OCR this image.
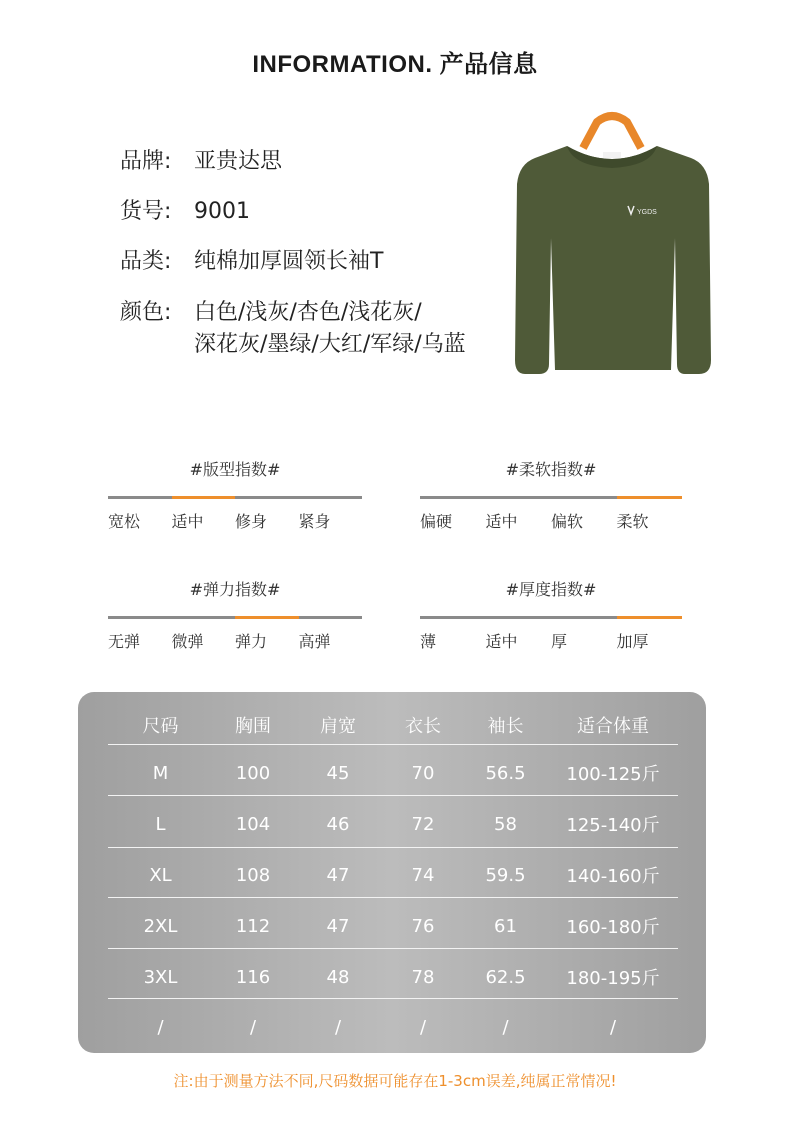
INFORMATION. 产品信息
品牌: 亚贵达思
货号: 9001
品类: 纯棉加厚圆领长袖T
颜色: 白色/浅灰/杏色/浅花灰/
深花灰/墨绿/大红/军绿/乌蓝
YGDS
#版型指数#
宽松	适中	修身	紧身
#柔软指数#
偏硬	适中	偏软	柔软
#弹力指数#
无弹	微弹	弹力	高弹
#厚度指数#
薄	适中	厚	加厚
尺码	胸围	肩宽	衣长	袖长	适合体重
M	100	45	70	56.5	100-125斤
L	104	46	72	58	125-140斤
XL	108	47	74	59.5	140-160斤
2XL	112	47	76	61	160-180斤
3XL	116	48	78	62.5	180-195斤
/	/	/	/	/	/
注:由于测量方法不同,尺码数据可能存在1-3cm误差,纯属正常情况!
